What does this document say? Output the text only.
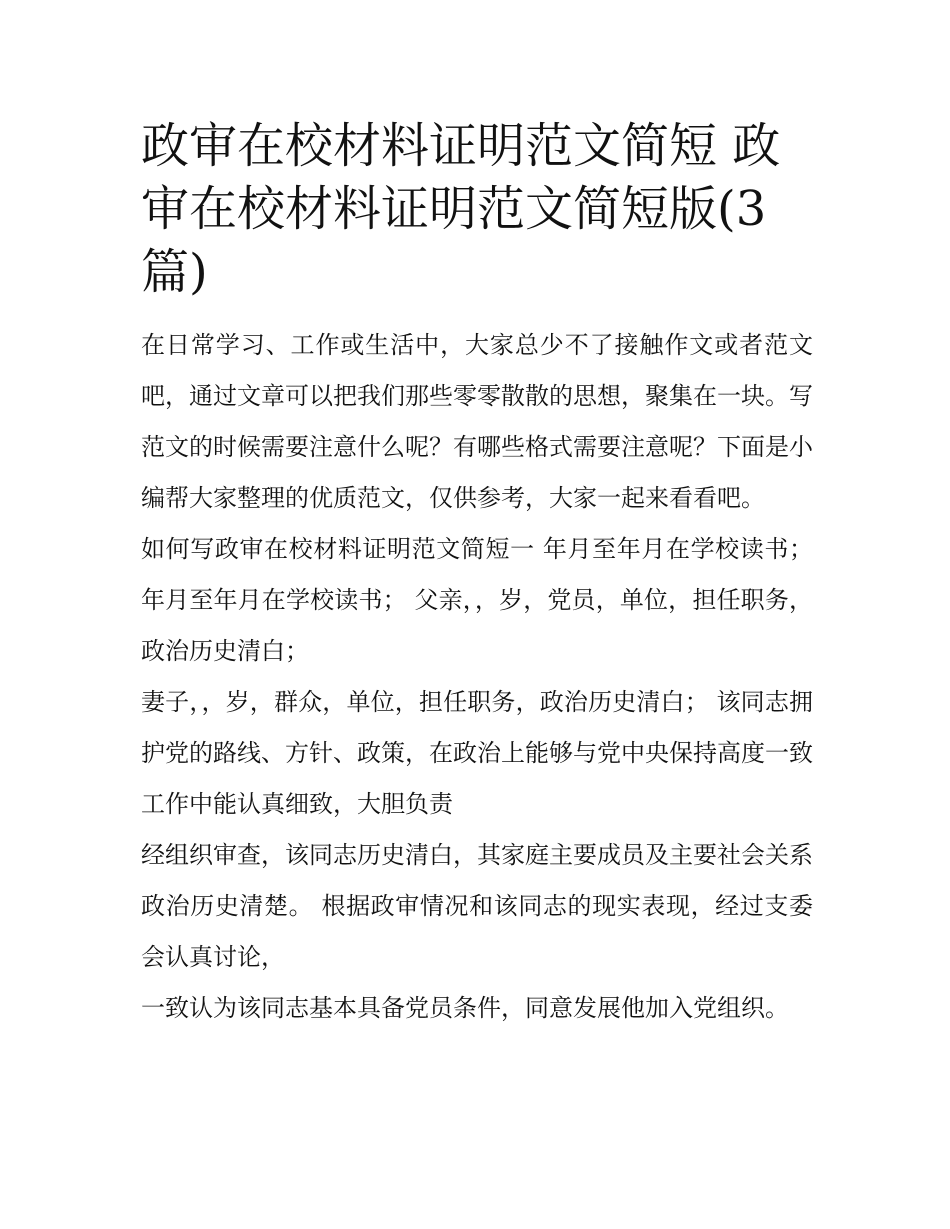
政审在校材料证明范文简短 政审在校材料证明范文简短版(3篇)

在日常学习、工作或生活中，大家总少不了接触作文或者范文吧，通过文章可以把我们那些零零散散的思想，聚集在一块。写范文的时候需要注意什么呢？有哪些格式需要注意呢？下面是小编帮大家整理的优质范文，仅供参考，大家一起来看看吧。

如何写政审在校材料证明范文简短一 年月至年月在学校读书； 年月至年月在学校读书； 父亲，，岁，党员，单位，担任职务，政治历史清白；

妻子，，岁，群众，单位，担任职务，政治历史清白； 该同志拥护党的路线、方针、政策，在政治上能够与党中央保持高度一致 工作中能认真细致，大胆负责

经组织审查，该同志历史清白，其家庭主要成员及主要社会关系政治历史清楚。 根据政审情况和该同志的现实表现，经过支委会认真讨论，

一致认为该同志基本具备党员条件，同意发展他加入党组织。
